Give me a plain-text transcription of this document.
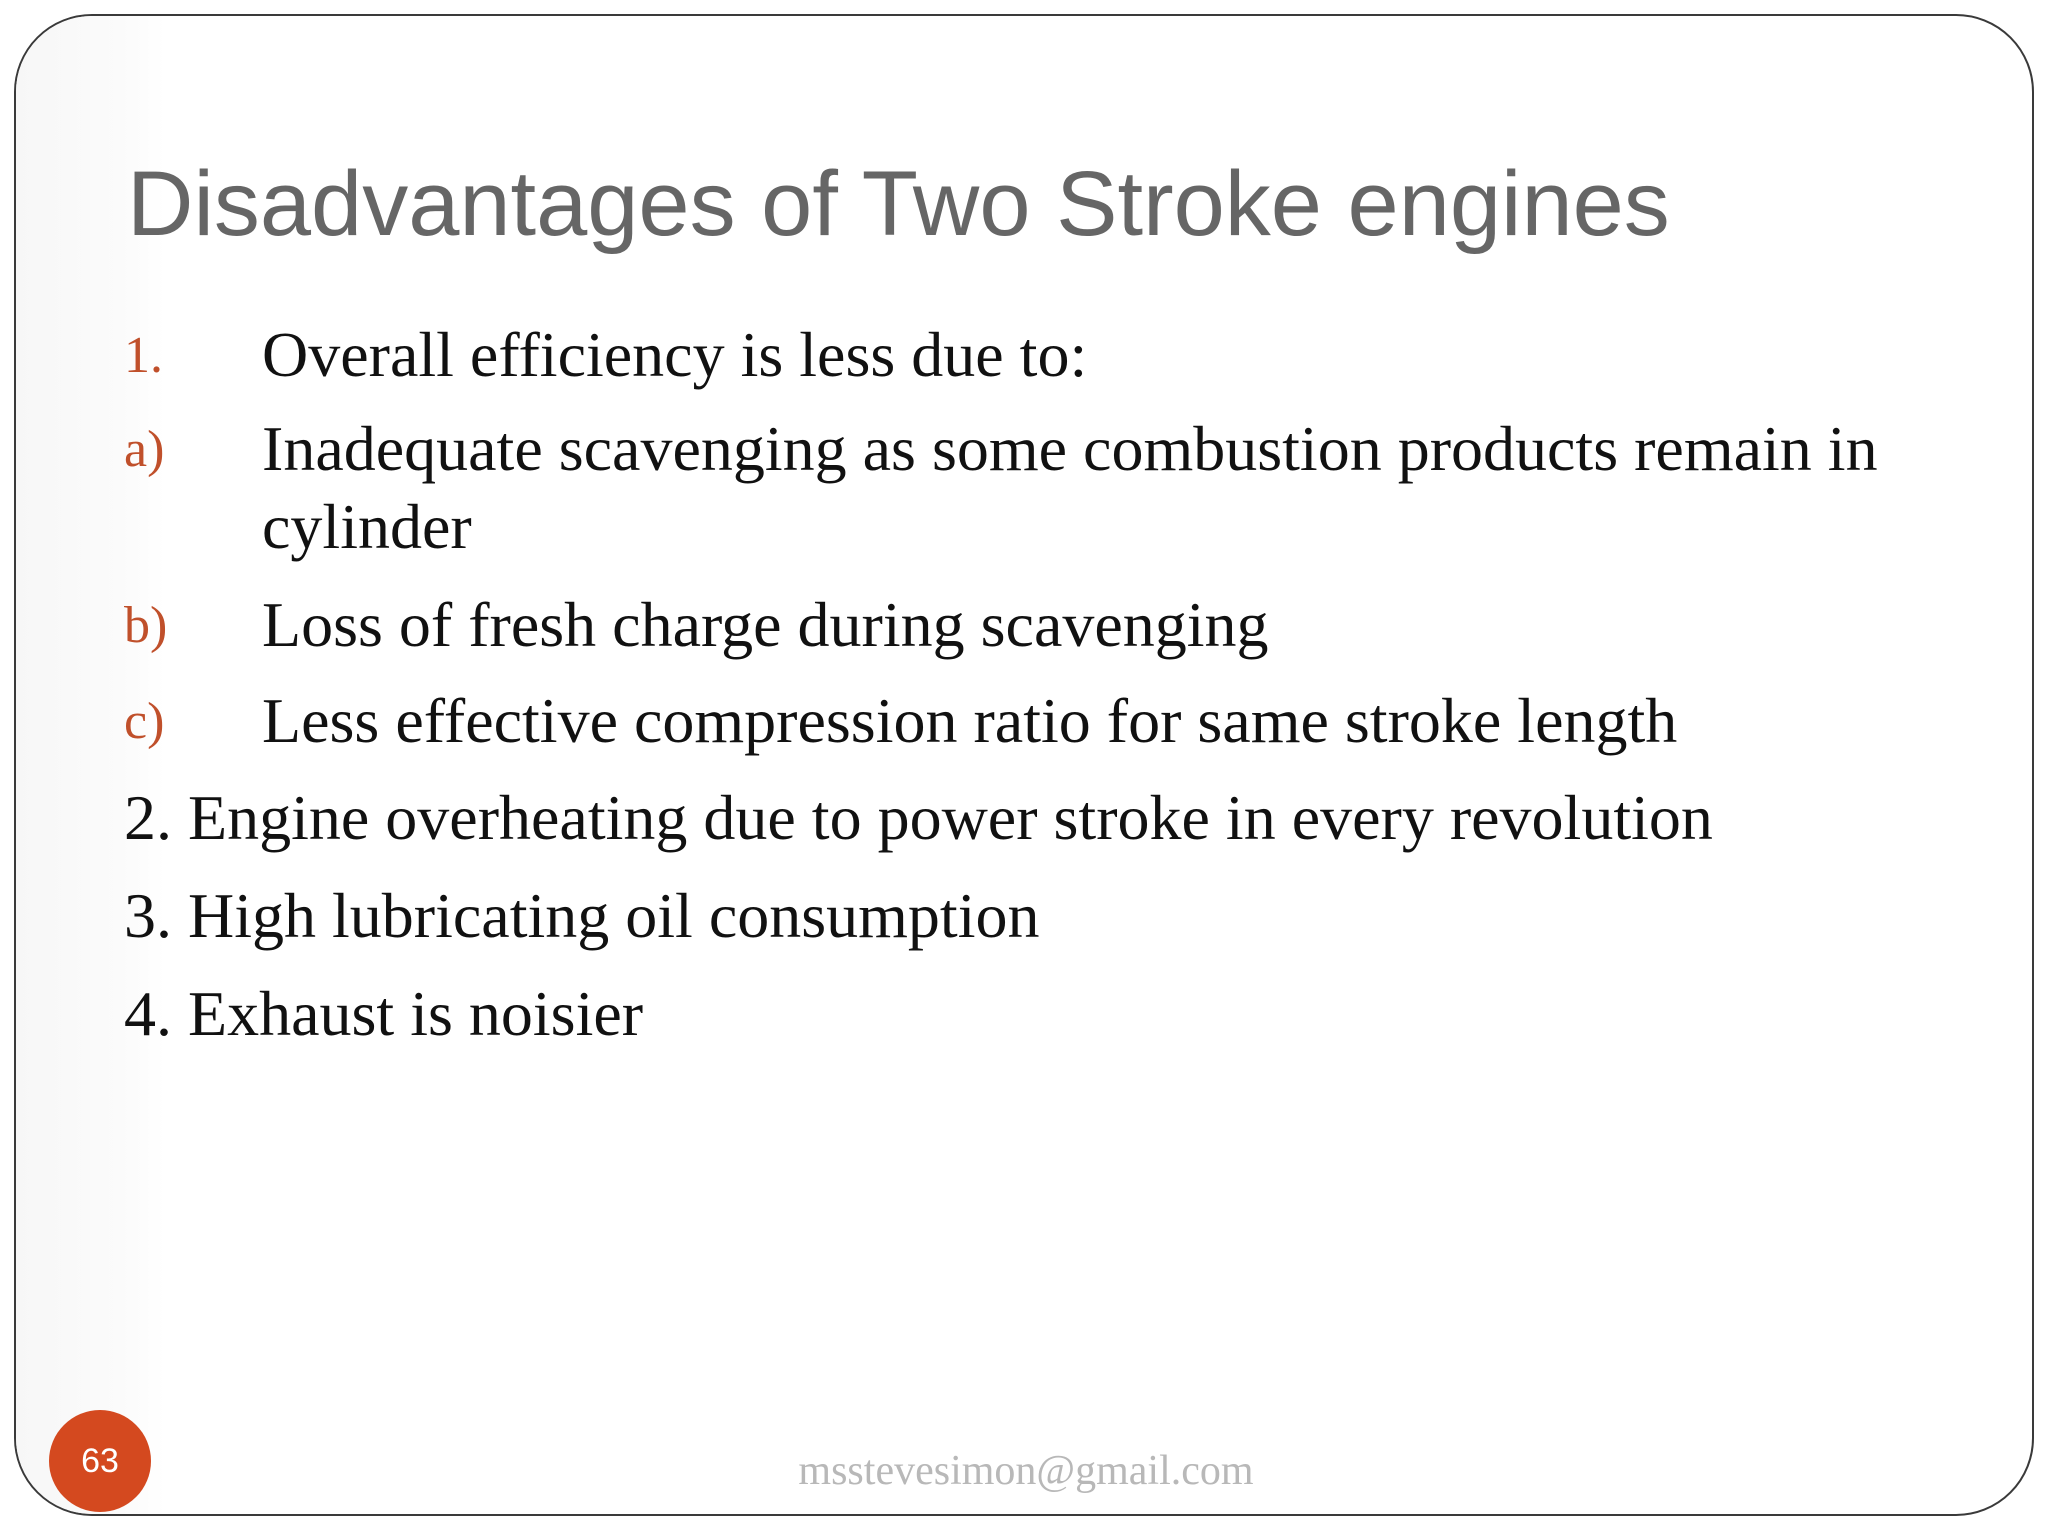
Disadvantages of Two Stroke engines
1. Overall efficiency is less due to:
a) Inadequate scavenging as some combustion products remain in cylinder
b) Loss of fresh charge during scavenging
c) Less effective compression ratio for same stroke length
2. Engine overheating due to power stroke in every revolution
3. High lubricating oil consumption
4. Exhaust is noisier
63	msstevesimon@gmail.com
